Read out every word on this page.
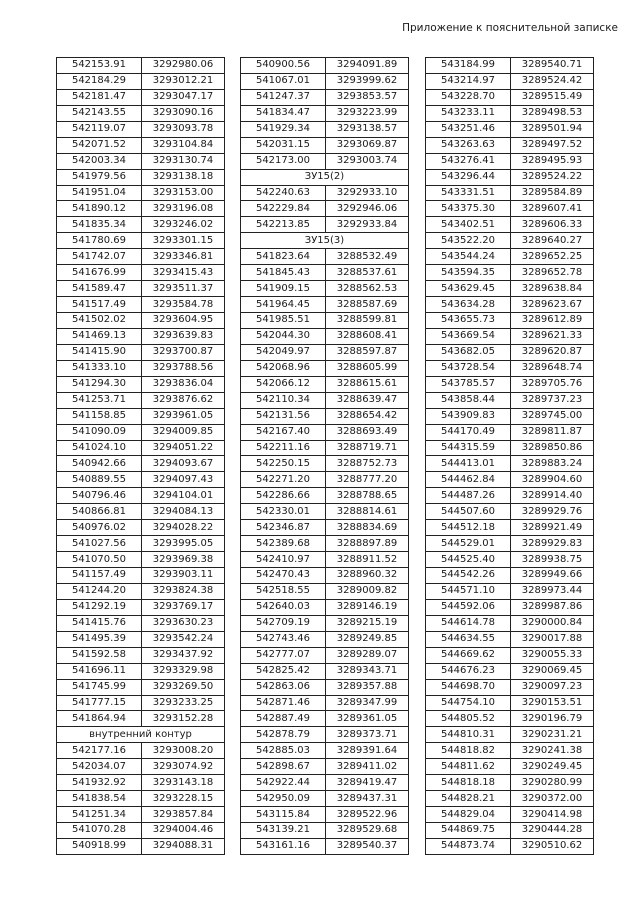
Приложение к пояснительной записке
542153.91	3292980.06
542184.29	3293012.21
542181.47	3293047.17
542143.55	3293090.16
542119.07	3293093.78
542071.52	3293104.84
542003.34	3293130.74
541979.56	3293138.18
541951.04	3293153.00
541890.12	3293196.08
541835.34	3293246.02
541780.69	3293301.15
541742.07	3293346.81
541676.99	3293415.43
541589.47	3293511.37
541517.49	3293584.78
541502.02	3293604.95
541469.13	3293639.83
541415.90	3293700.87
541333.10	3293788.56
541294.30	3293836.04
541253.71	3293876.62
541158.85	3293961.05
541090.09	3294009.85
541024.10	3294051.22
540942.66	3294093.67
540889.55	3294097.43
540796.46	3294104.01
540866.81	3294084.13
540976.02	3294028.22
541027.56	3293995.05
541070.50	3293969.38
541157.49	3293903.11
541244.20	3293824.38
541292.19	3293769.17
541415.76	3293630.23
541495.39	3293542.24
541592.58	3293437.92
541696.11	3293329.98
541745.99	3293269.50
541777.15	3293233.25
541864.94	3293152.28
внутренний контур	
542177.16	3293008.20
542034.07	3293074.92
541932.92	3293143.18
541838.54	3293228.15
541251.34	3293857.84
541070.28	3294004.46
540918.99	3294088.31
540900.56	3294091.89
541067.01	3293999.62
541247.37	3293853.57
541834.47	3293223.99
541929.34	3293138.57
542031.15	3293069.87
542173.00	3293003.74
ЗУ15(2)	
542240.63	3292933.10
542229.84	3292946.06
542213.85	3292933.84
ЗУ15(3)	
541823.64	3288532.49
541845.43	3288537.61
541909.15	3288562.53
541964.45	3288587.69
541985.51	3288599.81
542044.30	3288608.41
542049.97	3288597.87
542068.96	3288605.99
542066.12	3288615.61
542110.34	3288639.47
542131.56	3288654.42
542167.40	3288693.49
542211.16	3288719.71
542250.15	3288752.73
542271.20	3288777.20
542286.66	3288788.65
542330.01	3288814.61
542346.87	3288834.69
542389.68	3288897.89
542410.97	3288911.52
542470.43	3288960.32
542518.55	3289009.82
542640.03	3289146.19
542709.19	3289215.19
542743.46	3289249.85
542777.07	3289289.07
542825.42	3289343.71
542863.06	3289357.88
542871.46	3289347.99
542887.49	3289361.05
542878.79	3289373.71
542885.03	3289391.64
542898.67	3289411.02
542922.44	3289419.47
542950.09	3289437.31
543115.84	3289522.96
543139.21	3289529.68
543161.16	3289540.37
543184.99	3289540.71
543214.97	3289524.42
543228.70	3289515.49
543233.11	3289498.53
543251.46	3289501.94
543263.63	3289497.52
543276.41	3289495.93
543296.44	3289524.22
543331.51	3289584.89
543375.30	3289607.41
543402.51	3289606.33
543522.20	3289640.27
543544.24	3289652.25
543594.35	3289652.78
543629.45	3289638.84
543634.28	3289623.67
543655.73	3289612.89
543669.54	3289621.33
543682.05	3289620.87
543728.54	3289648.74
543785.57	3289705.76
543858.44	3289737.23
543909.83	3289745.00
544170.49	3289811.87
544315.59	3289850.86
544413.01	3289883.24
544462.84	3289904.60
544487.26	3289914.40
544507.60	3289929.76
544512.18	3289921.49
544529.01	3289929.83
544525.40	3289938.75
544542.26	3289949.66
544571.10	3289973.44
544592.06	3289987.86
544614.78	3290000.84
544634.55	3290017.88
544669.62	3290055.33
544676.23	3290069.45
544698.70	3290097.23
544754.10	3290153.51
544805.52	3290196.79
544810.31	3290231.21
544818.82	3290241.38
544811.62	3290249.45
544818.18	3290280.99
544828.21	3290372.00
544829.04	3290414.98
544869.75	3290444.28
544873.74	3290510.62
